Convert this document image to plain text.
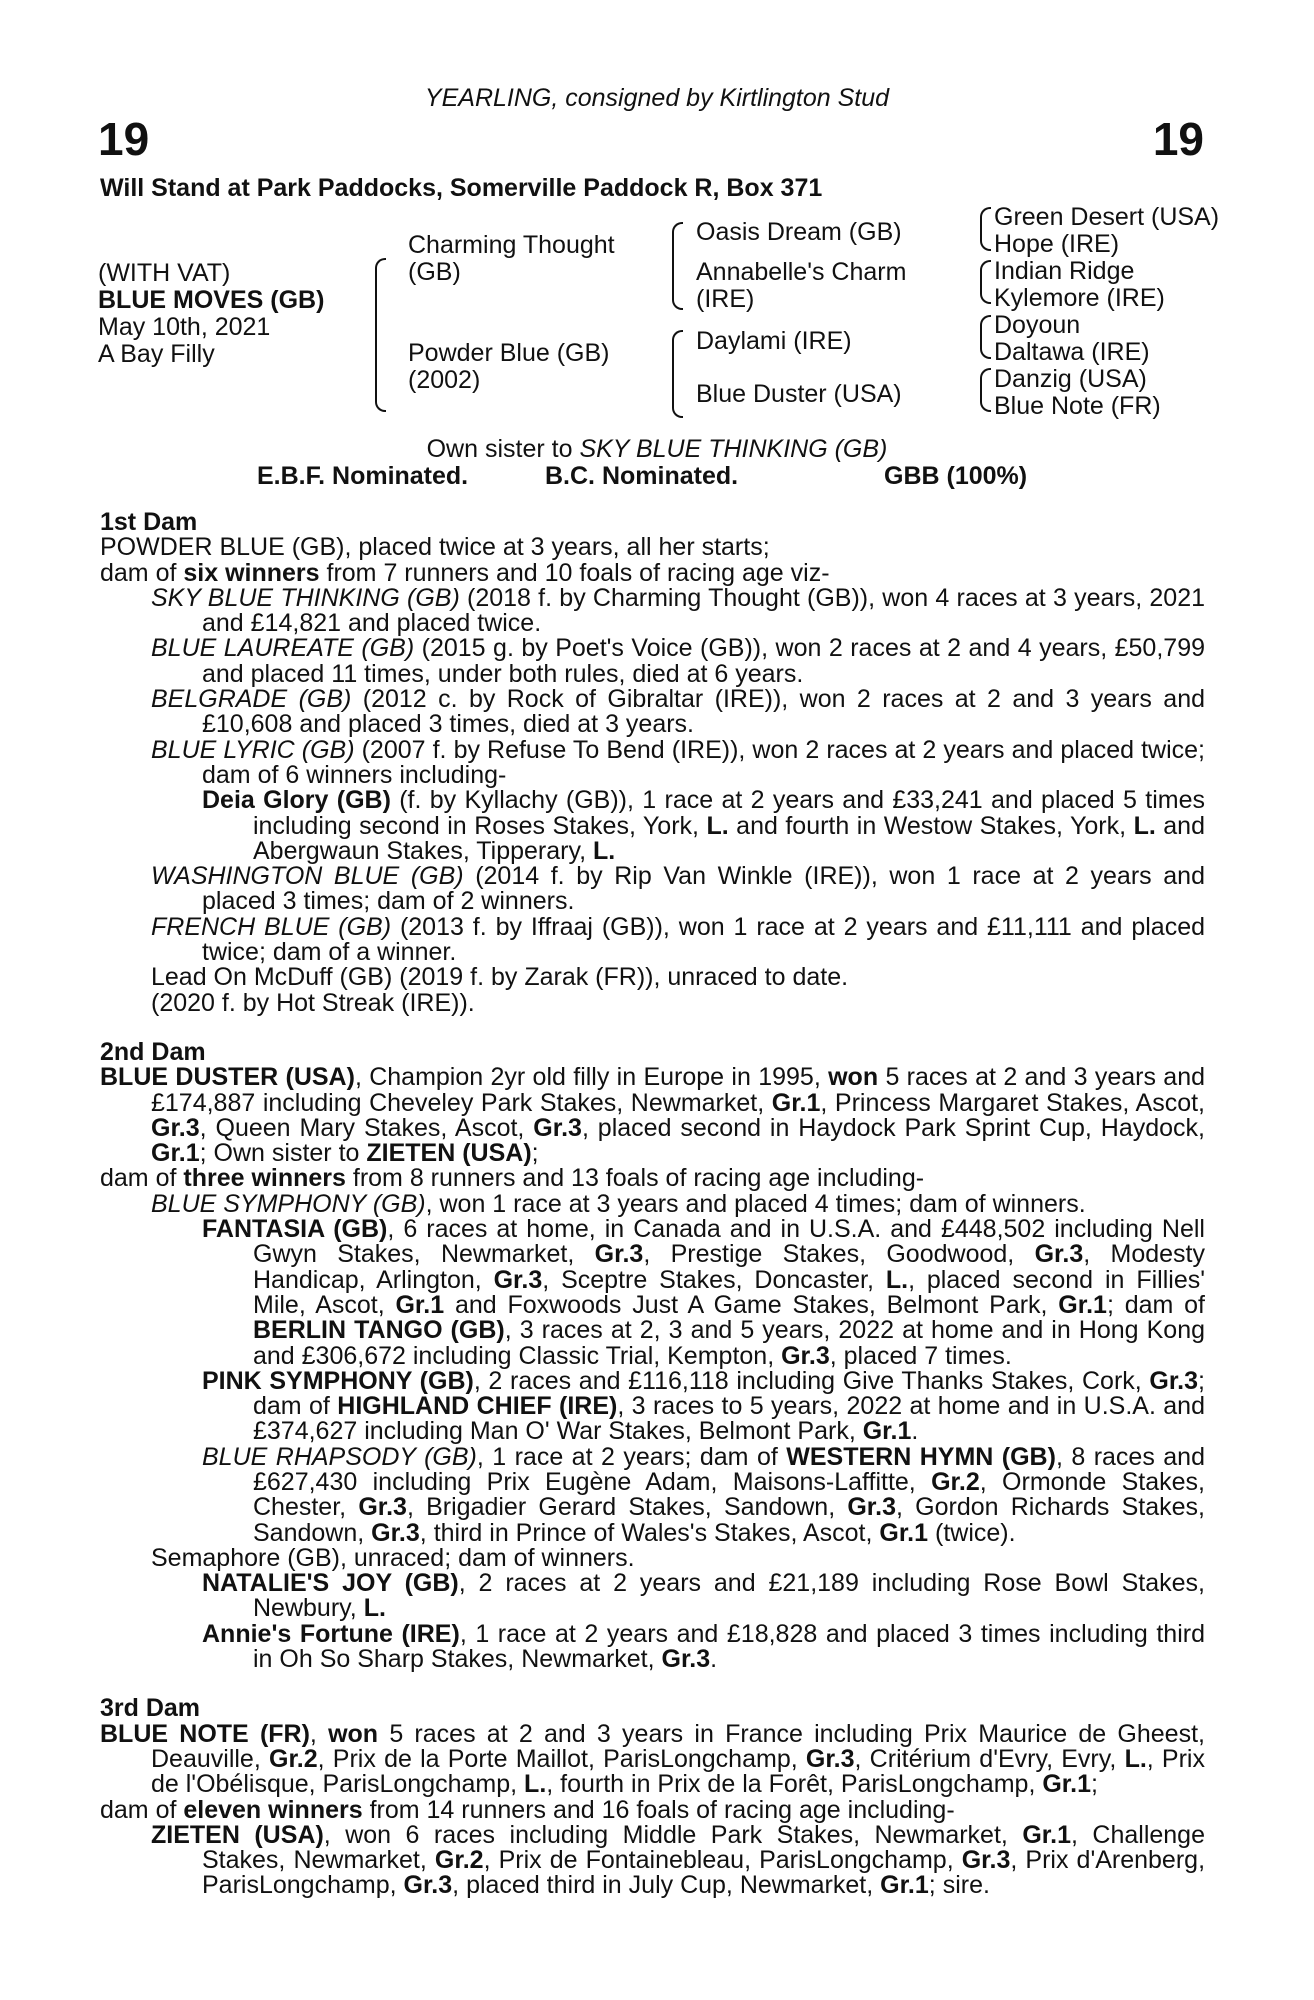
YEARLING, consigned by Kirtlington Stud
19	19
Will Stand at Park Paddocks, Somerville Paddock R, Box 371
(WITH VAT)
BLUE MOVES (GB)
May 10th, 2021
A Bay Filly
Charming Thought
(GB)
Powder Blue (GB)
(2002)
Oasis Dream (GB)
Annabelle's Charm
(IRE)
Daylami (IRE)
Blue Duster (USA)
Green Desert (USA)
Hope (IRE)
Indian Ridge
Kylemore (IRE)
Doyoun
Daltawa (IRE)
Danzig (USA)
Blue Note (FR)
Own sister to SKY BLUE THINKING (GB)
E.B.F. Nominated.	B.C. Nominated.	GBB (100%)
1st Dam

POWDER BLUE (GB), placed twice at 3 years, all her starts;

dam of six winners from 7 runners and 10 foals of racing age viz-

SKY BLUE THINKING (GB) (2018 f. by Charming Thought (GB)), won 4 races at 3 years, 2021 and £14,821 and placed twice.

BLUE LAUREATE (GB) (2015 g. by Poet's Voice (GB)), won 2 races at 2 and 4 years, £50,799 and placed 11 times, under both rules, died at 6 years.

BELGRADE (GB) (2012 c. by Rock of Gibraltar (IRE)), won 2 races at 2 and 3 years and £10,608 and placed 3 times, died at 3 years.

BLUE LYRIC (GB) (2007 f. by Refuse To Bend (IRE)), won 2 races at 2 years and placed twice; dam of 6 winners including-

Deia Glory (GB) (f. by Kyllachy (GB)), 1 race at 2 years and £33,241 and placed 5 times including second in Roses Stakes, York, L. and fourth in Westow Stakes, York, L. and Abergwaun Stakes, Tipperary, L.

WASHINGTON BLUE (GB) (2014 f. by Rip Van Winkle (IRE)), won 1 race at 2 years and placed 3 times; dam of 2 winners.

FRENCH BLUE (GB) (2013 f. by Iffraaj (GB)), won 1 race at 2 years and £11,111 and placed twice; dam of a winner.

Lead On McDuff (GB) (2019 f. by Zarak (FR)), unraced to date.

(2020 f. by Hot Streak (IRE)).

2nd Dam

BLUE DUSTER (USA), Champion 2yr old filly in Europe in 1995, won 5 races at 2 and 3 years and £174,887 including Cheveley Park Stakes, Newmarket, Gr.1, Princess Margaret Stakes, Ascot, Gr.3, Queen Mary Stakes, Ascot, Gr.3, placed second in Haydock Park Sprint Cup, Haydock, Gr.1; Own sister to ZIETEN (USA);

dam of three winners from 8 runners and 13 foals of racing age including-

BLUE SYMPHONY (GB), won 1 race at 3 years and placed 4 times; dam of winners.

FANTASIA (GB), 6 races at home, in Canada and in U.S.A. and £448,502 including Nell Gwyn Stakes, Newmarket, Gr.3, Prestige Stakes, Goodwood, Gr.3, Modesty Handicap, Arlington, Gr.3, Sceptre Stakes, Doncaster, L., placed second in Fillies' Mile, Ascot, Gr.1 and Foxwoods Just A Game Stakes, Belmont Park, Gr.1; dam of BERLIN TANGO (GB), 3 races at 2, 3 and 5 years, 2022 at home and in Hong Kong and £306,672 including Classic Trial, Kempton, Gr.3, placed 7 times.

PINK SYMPHONY (GB), 2 races and £116,118 including Give Thanks Stakes, Cork, Gr.3; dam of HIGHLAND CHIEF (IRE), 3 races to 5 years, 2022 at home and in U.S.A. and £374,627 including Man O' War Stakes, Belmont Park, Gr.1.

BLUE RHAPSODY (GB), 1 race at 2 years; dam of WESTERN HYMN (GB), 8 races and £627,430 including Prix Eugène Adam, Maisons-Laffitte, Gr.2, Ormonde Stakes, Chester, Gr.3, Brigadier Gerard Stakes, Sandown, Gr.3, Gordon Richards Stakes, Sandown, Gr.3, third in Prince of Wales's Stakes, Ascot, Gr.1 (twice).

Semaphore (GB), unraced; dam of winners.

NATALIE'S JOY (GB), 2 races at 2 years and £21,189 including Rose Bowl Stakes, Newbury, L.

Annie's Fortune (IRE), 1 race at 2 years and £18,828 and placed 3 times including third in Oh So Sharp Stakes, Newmarket, Gr.3.

3rd Dam

BLUE NOTE (FR), won 5 races at 2 and 3 years in France including Prix Maurice de Gheest, Deauville, Gr.2, Prix de la Porte Maillot, ParisLongchamp, Gr.3, Critérium d'Evry, Evry, L., Prix de l'Obélisque, ParisLongchamp, L., fourth in Prix de la Forêt, ParisLongchamp, Gr.1;

dam of eleven winners from 14 runners and 16 foals of racing age including-

ZIETEN (USA), won 6 races including Middle Park Stakes, Newmarket, Gr.1, Challenge Stakes, Newmarket, Gr.2, Prix de Fontainebleau, ParisLongchamp, Gr.3, Prix d'Arenberg, ParisLongchamp, Gr.3, placed third in July Cup, Newmarket, Gr.1; sire.
